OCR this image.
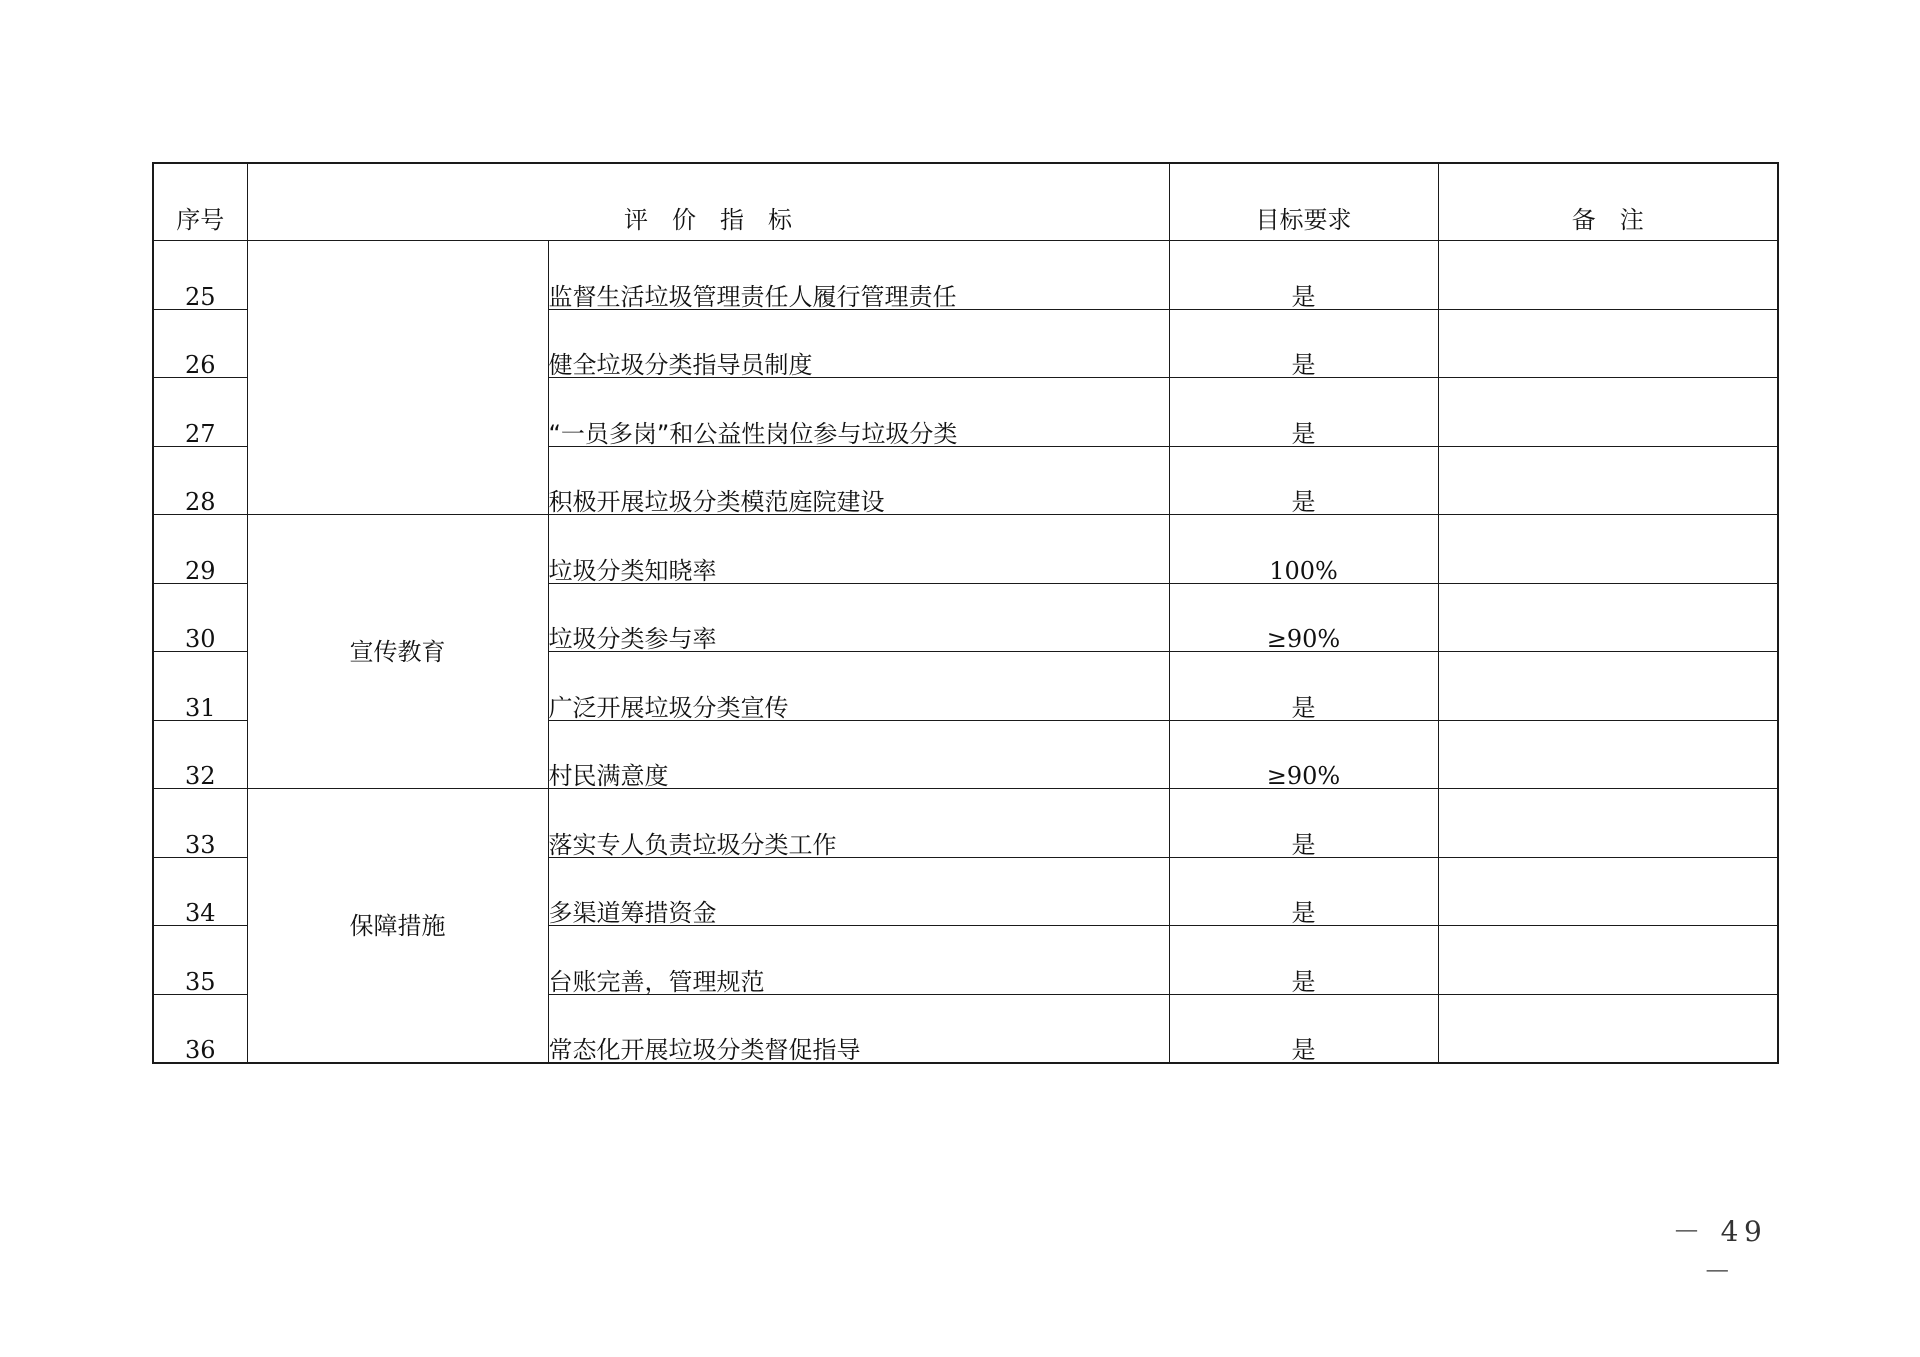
序号	评　价　指　标		目标要求	备　注
25		监督生活垃圾管理责任人履行管理责任	是	
26		健全垃圾分类指导员制度	是	
27		“一员多岗”和公益性岗位参与垃圾分类	是	
28		积极开展垃圾分类模范庭院建设	是	
29	宣传教育	垃圾分类知晓率	100%	
30		垃圾分类参与率	≥90%	
31		广泛开展垃圾分类宣传	是	
32		村民满意度	≥90%	
33	保障措施	落实专人负责垃圾分类工作	是	
34		多渠道筹措资金	是	
35		台账完善，管理规范	是	
36		常态化开展垃圾分类督促指导	是	
－ 49 －
